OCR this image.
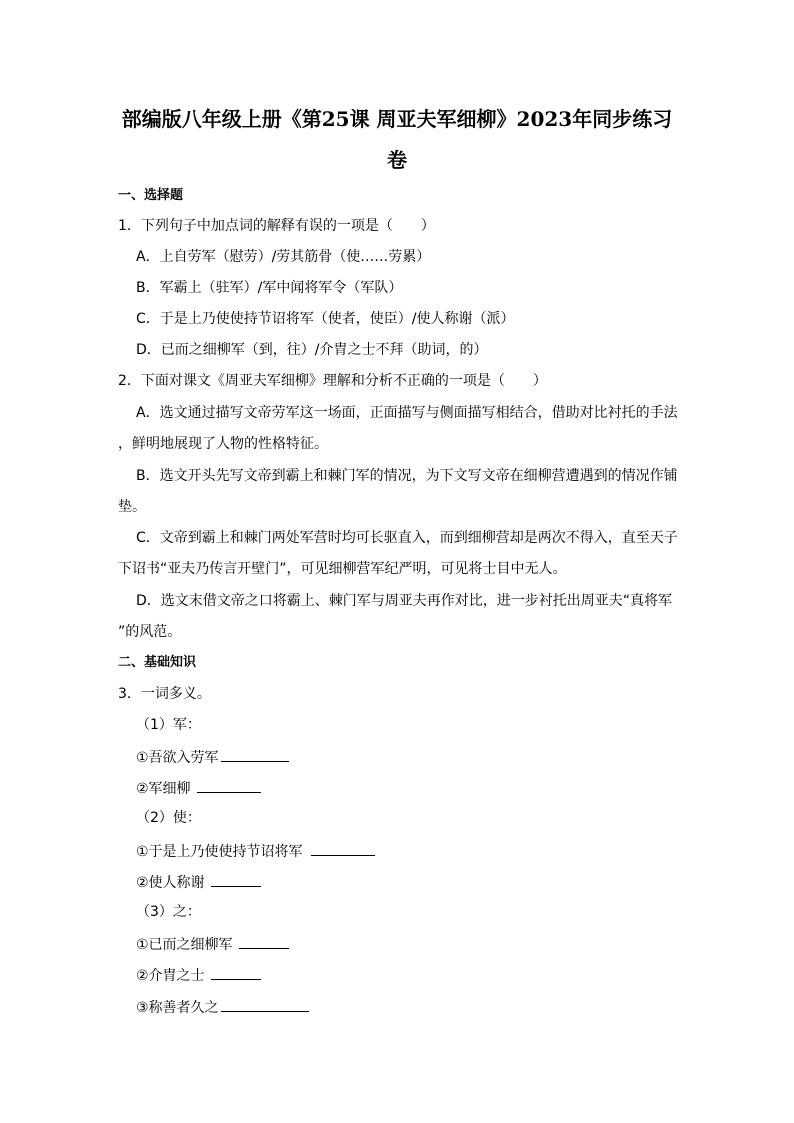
部编版八年级上册《第25课 周亚夫军细柳》2023年同步练习
卷
一、选择题
1．下列句子中加点词的解释有误的一项是（　　）
A．上自劳军（慰劳）/劳其筋骨（使……劳累）
B．军霸上（驻军）/军中闻将军令（军队）
C．于是上乃使使持节诏将军（使者，使臣）/使人称谢（派）
D．已而之细柳军（到，往）/介胄之士不拜（助词，的）
2．下面对课文《周亚夫军细柳》理解和分析不正确的一项是（　　）
A．选文通过描写文帝劳军这一场面，正面描写与侧面描写相结合，借助对比衬托的手法
，鲜明地展现了人物的性格特征。
B．选文开头先写文帝到霸上和棘门军的情况，为下文写文帝在细柳营遭遇到的情况作铺
垫。
C．文帝到霸上和棘门两处军营时均可长驱直入，而到细柳营却是两次不得入，直至天子
下诏书“亚夫乃传言开壁门”，可见细柳营军纪严明，可见将士目中无人。
D．选文末借文帝之口将霸上、棘门军与周亚夫再作对比，进一步衬托出周亚夫“真将军
”的风范。
二、基础知识
3．一词多义。
（1）军：
①吾欲入劳军
②军细柳
（2）使：
①于是上乃使使持节诏将军
②使人称谢
（3）之：
①已而之细柳军
②介胄之士
③称善者久之
